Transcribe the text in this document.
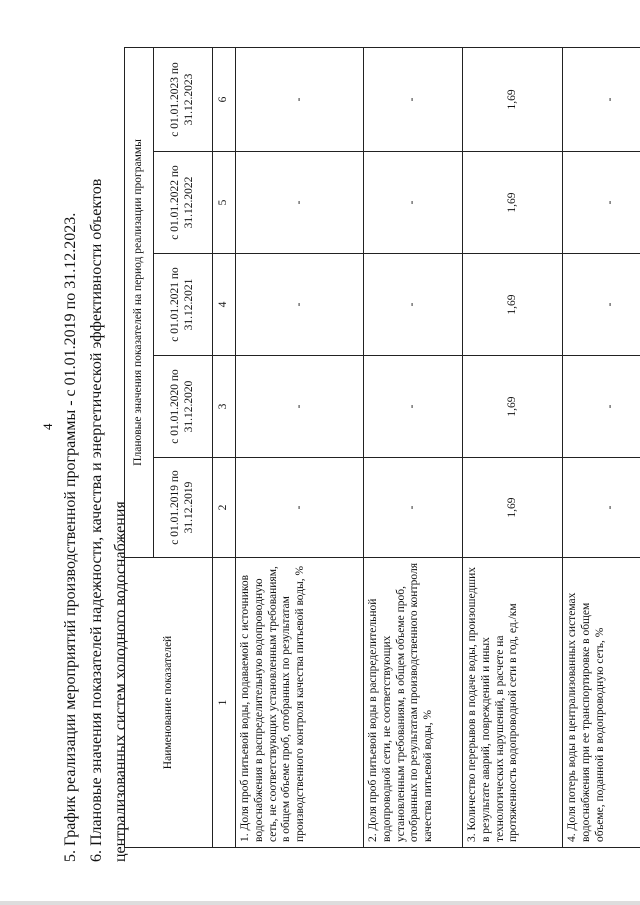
4 5. График реализации мероприятий производственной программы - с 01.01.2019 по 31.12.2023. 6. Плановые значения показателей надежности, качества и энергетической эффективности объектов централизованных систем холодного водоснабжения	Наименование показателей	Плановые значения показателей на период реализации программы				
	с 01.01.2019 по 31.12.2019	с 01.01.2020 по 31.12.2020	с 01.01.2021 по 31.12.2021	с 01.01.2022 по 31.12.2022	с 01.01.2023 по 31.12.2023
1	2	3	4	5	6
1. Доля проб питьевой воды, подаваемой с источников водоснабжения в распределительную водопроводную сеть, не соответствующих установленным требованиям, в общем объеме проб, отобранных по результатам производственного контроля качества питьевой воды, %	-	-	-	-	-
2. Доля проб питьевой воды в распределительной водопроводной сети, не соответствующих установленным требованиям, в общем объеме проб, отобранных по результатам производственного контроля качества питьевой воды, %	-	-	-	-	-
3. Количество перерывов в подаче воды, произошедших в результате аварий, повреждений и иных технологических нарушений, в расчете на протяженность водопроводной сети в год, ед./км	1,69	1,69	1,69	1,69	1,69
4. Доля потерь воды в централизованных системах водоснабжения при ее транспортировке в общем объеме, поданной в водопроводную сеть, %	-	-	-	-	-
